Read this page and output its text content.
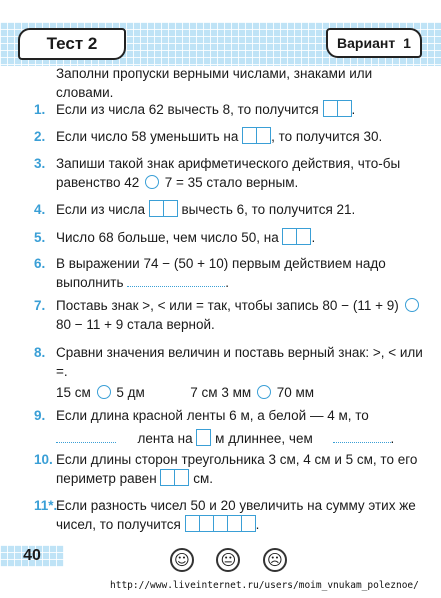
Тест 2	Вариант 1
Заполни пропуски верными числами, знаками или словами.
1. Если из числа 62 вычесть 8, то получится .
2. Если число 58 уменьшить на , то получится 30.
3. Запиши такой знак арифметического действия, что-бы равенство 42 7 = 35 стало верным.
4. Если из числа	вычесть 6, то получится 21.
5. Число 68 больше, чем число 50, на .
6. В выражении 74 − (50 + 10) первым действием надо выполнить	.
7. Поставь знак >, < или = так, чтобы запись 80 − (11 + 9)  80 − 11 + 9 стала верной.
8. Сравни значения величин и поставь верный знак: >, < или =.
15 см 5 дм	7 см 3 мм 70 мм
9. Если длина красной ленты 6 м, а белой — 4 м, то
лента на м длиннее, чем	.
10. Если длины сторон треугольника 3 см, 4 см и 5 см, то его периметр равен	см.
11*.
Если разность чисел 50 и 20 увеличить на сумму этих же чисел, то получится	.
40	☺ 😐 ☹
http://www.liveinternet.ru/users/moim_vnukam_poleznoe/
